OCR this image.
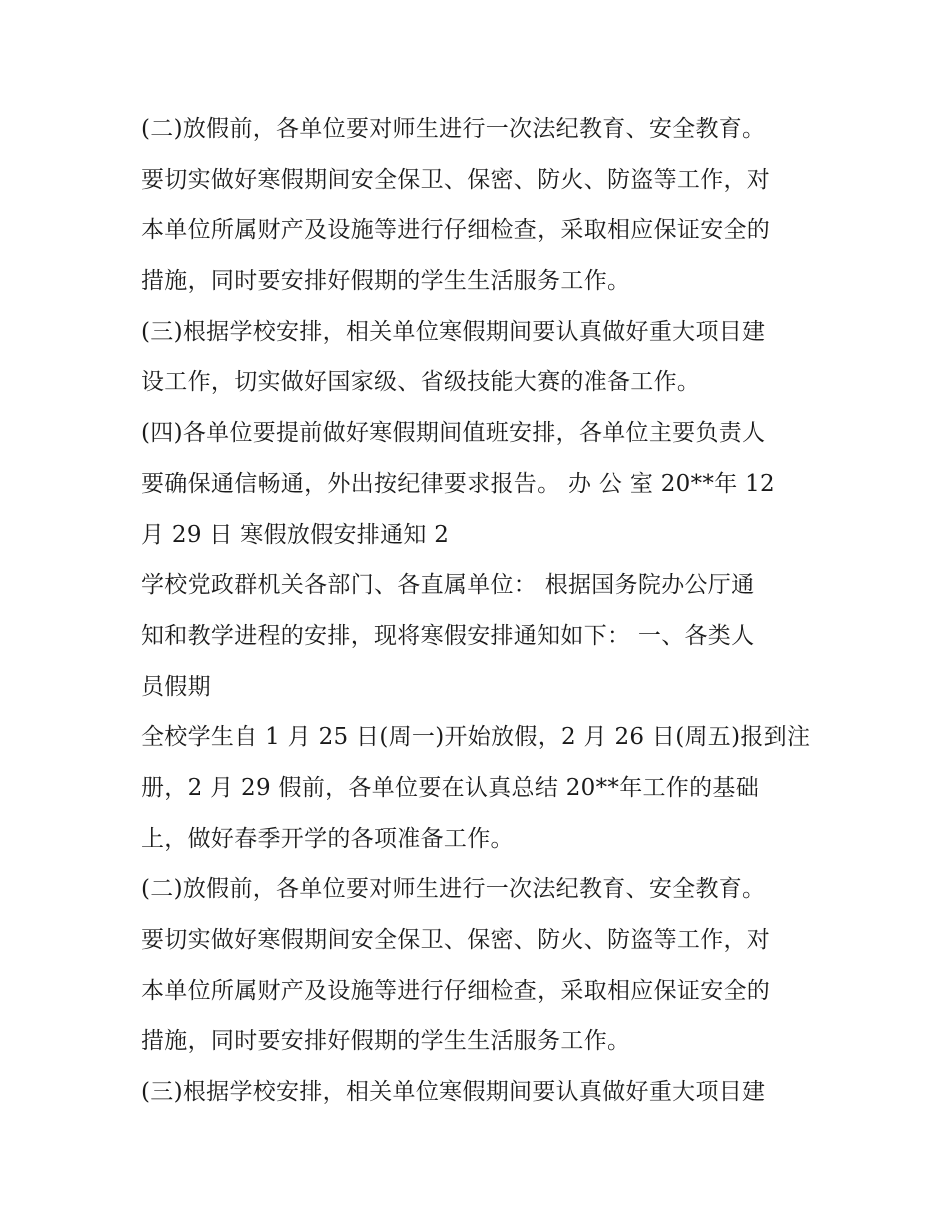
(二)放假前，各单位要对师生进行一次法纪教育、安全教育。
要切实做好寒假期间安全保卫、保密、防火、防盗等工作，对
本单位所属财产及设施等进行仔细检查，采取相应保证安全的
措施，同时要安排好假期的学生生活服务工作。
(三)根据学校安排，相关单位寒假期间要认真做好重大项目建
设工作，切实做好国家级、省级技能大赛的准备工作。
(四)各单位要提前做好寒假期间值班安排，各单位主要负责人
要确保通信畅通，外出按纪律要求报告。 办 公 室 20**年 12
月 29 日 寒假放假安排通知 2
学校党政群机关各部门、各直属单位： 根据国务院办公厅通
知和教学进程的安排，现将寒假安排通知如下： 一、各类人
员假期
全校学生自 1 月 25 日(周一)开始放假，2 月 26 日(周五)报到注
册，2 月 29 假前，各单位要在认真总结 20**年工作的基础
上，做好春季开学的各项准备工作。
(二)放假前，各单位要对师生进行一次法纪教育、安全教育。
要切实做好寒假期间安全保卫、保密、防火、防盗等工作，对
本单位所属财产及设施等进行仔细检查，采取相应保证安全的
措施，同时要安排好假期的学生生活服务工作。
(三)根据学校安排，相关单位寒假期间要认真做好重大项目建
